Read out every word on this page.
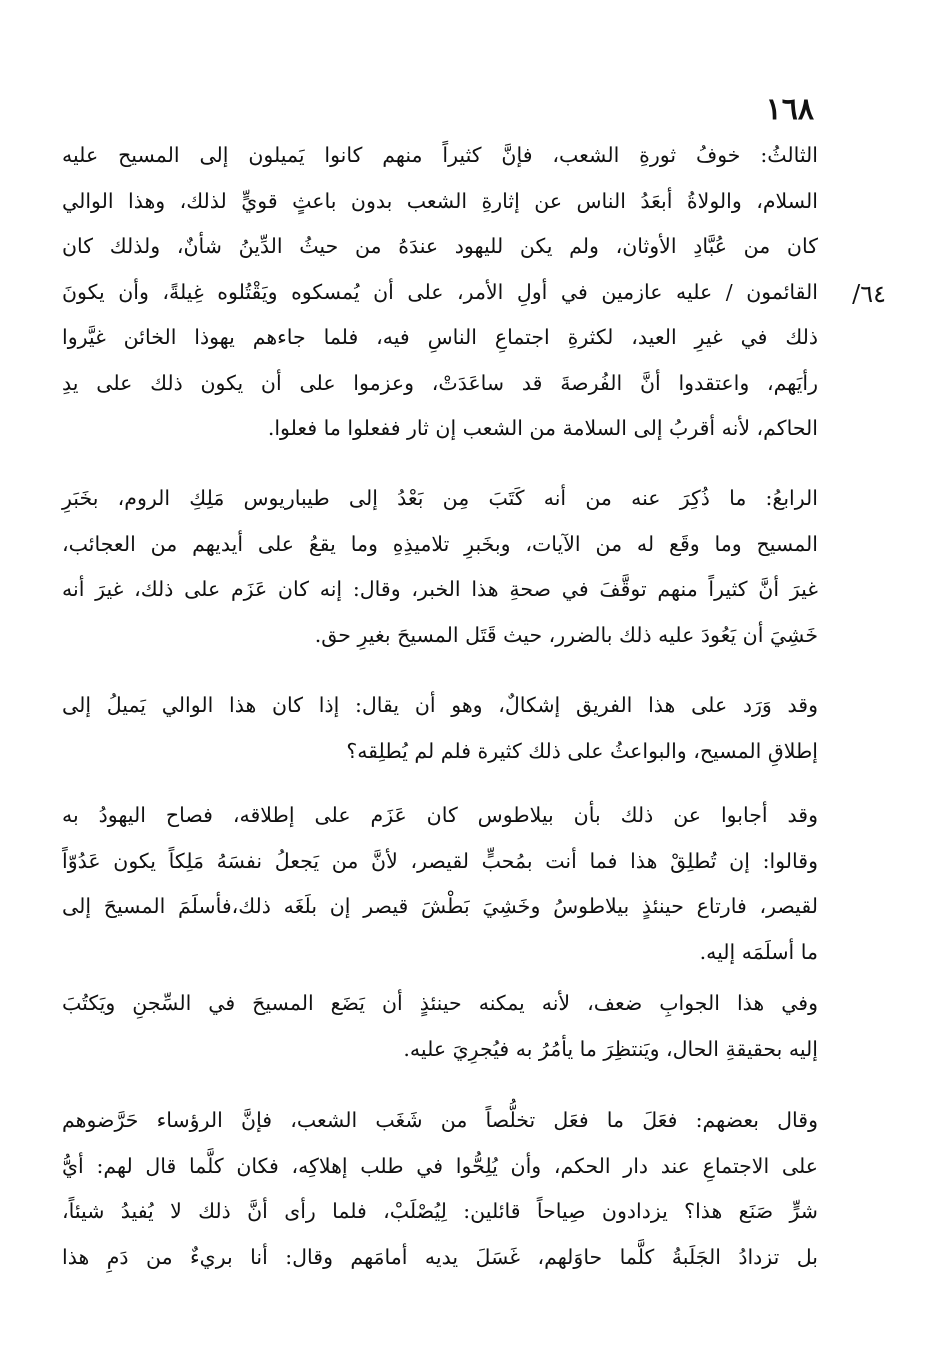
١٦٨
٦٤/
الثالثُ: خوفُ ثورةِ الشعب، فإنَّ كثيراً منهم كانوا يَميلون إلى المسيح عليه
السلام، والولاةُ أبعَدُ الناس عن إثارةِ الشعب بدون باعثٍ قويٍّ لذلك، وهذا الوالي
كان من عُبَّادِ الأوثان، ولم يكن لليهود عندَهُ من حيثُ الدِّينُ شأنٌ، ولذلك كان
القائمون / عليه عازمين في أولِ الأمر، على أن يُمسكوه ويَقْتُلوه غِيلةً، وأن يكونَ
ذلك في غيرِ العيد، لكثرةِ اجتماعِ الناسِ فيه، فلما جاءهم يهوذا الخائن غيَّروا
رأيَهم، واعتقدوا أنَّ الفُرصةَ قد ساعَدَتْ، وعزموا على أن يكون ذلك على يدِ
الحاكم، لأنه أقربُ إلى السلامة من الشعب إن ثار ففعلوا ما فعلوا.
الرابعُ: ما ذُكِرَ عنه من أنه كَتَبَ مِن بَعْدُ إلى طيباريوس مَلِكِ الروم، بخَبَرِ
المسيح وما وقَع له من الآيات، وبخَبرِ تلاميذِهِ وما يقعُ على أيديهم من العجائب،
غيرَ أنَّ كثيراً منهم توقَّفَ في صحةِ هذا الخبر، وقال: إنه كان عَزَم على ذلك، غيرَ أنه
خَشِيَ أن يَعُودَ عليه ذلك بالضرر، حيث قَتَل المسيحَ بغيرِ حق.
وقد وَرَد على هذا الفريق إشكالٌ، وهو أن يقال: إذا كان هذا الوالي يَميلُ إلى
إطلاقِ المسيح، والبواعثُ على ذلك كثيرة فلم لم يُطلِقه؟
وقد أجابوا عن ذلك بأن بيلاطوس كان عَزَم على إطلاقه، فصاح اليهودُ به
وقالوا: إن تُطلِقْ هذا فما أنت بمُحبٍّ لقيصر، لأنَّ من يَجعلُ نفسَهُ مَلِكاً يكون عَدُوّاً
لقيصر، فارتاع حينئذٍ بيلاطوسُ وخَشِيَ بَطْشَ قيصر إن بلَغَه ذلك،فأسلَمَ المسيحَ إلى
ما أسلَمَه إليه.
وفي هذا الجوابِ ضعف، لأنه يمكنه حينئذٍ أن يَضَع المسيحَ في السِّجنِ ويَكتُبَ
إليه بحقيقةِ الحال، ويَنتظِرَ ما يأمُرُ به فيُجرِيَ عليه.
وقال بعضهم: فعَلَ ما فعَل تخلُّصاً من شَغَب الشعب، فإنَّ الرؤساء حَرَّضوهم
على الاجتماعِ عند دار الحكم، وأن يُلِحُّوا في طلب إهلاكِه، فكان كلَّما قال لهم: أيُّ
شرٍّ صَنَع هذا؟ يزدادون صِياحاً قائلين: لِيُصْلَبْ، فلما رأى أنَّ ذلك لا يُفيدُ شيئاً،
بل تزدادُ الجَلَبةُ كلَّما حاوَلهم، غَسَلَ يديه أمامَهم وقال: أنا بريءٌ من دَمِ هذا
